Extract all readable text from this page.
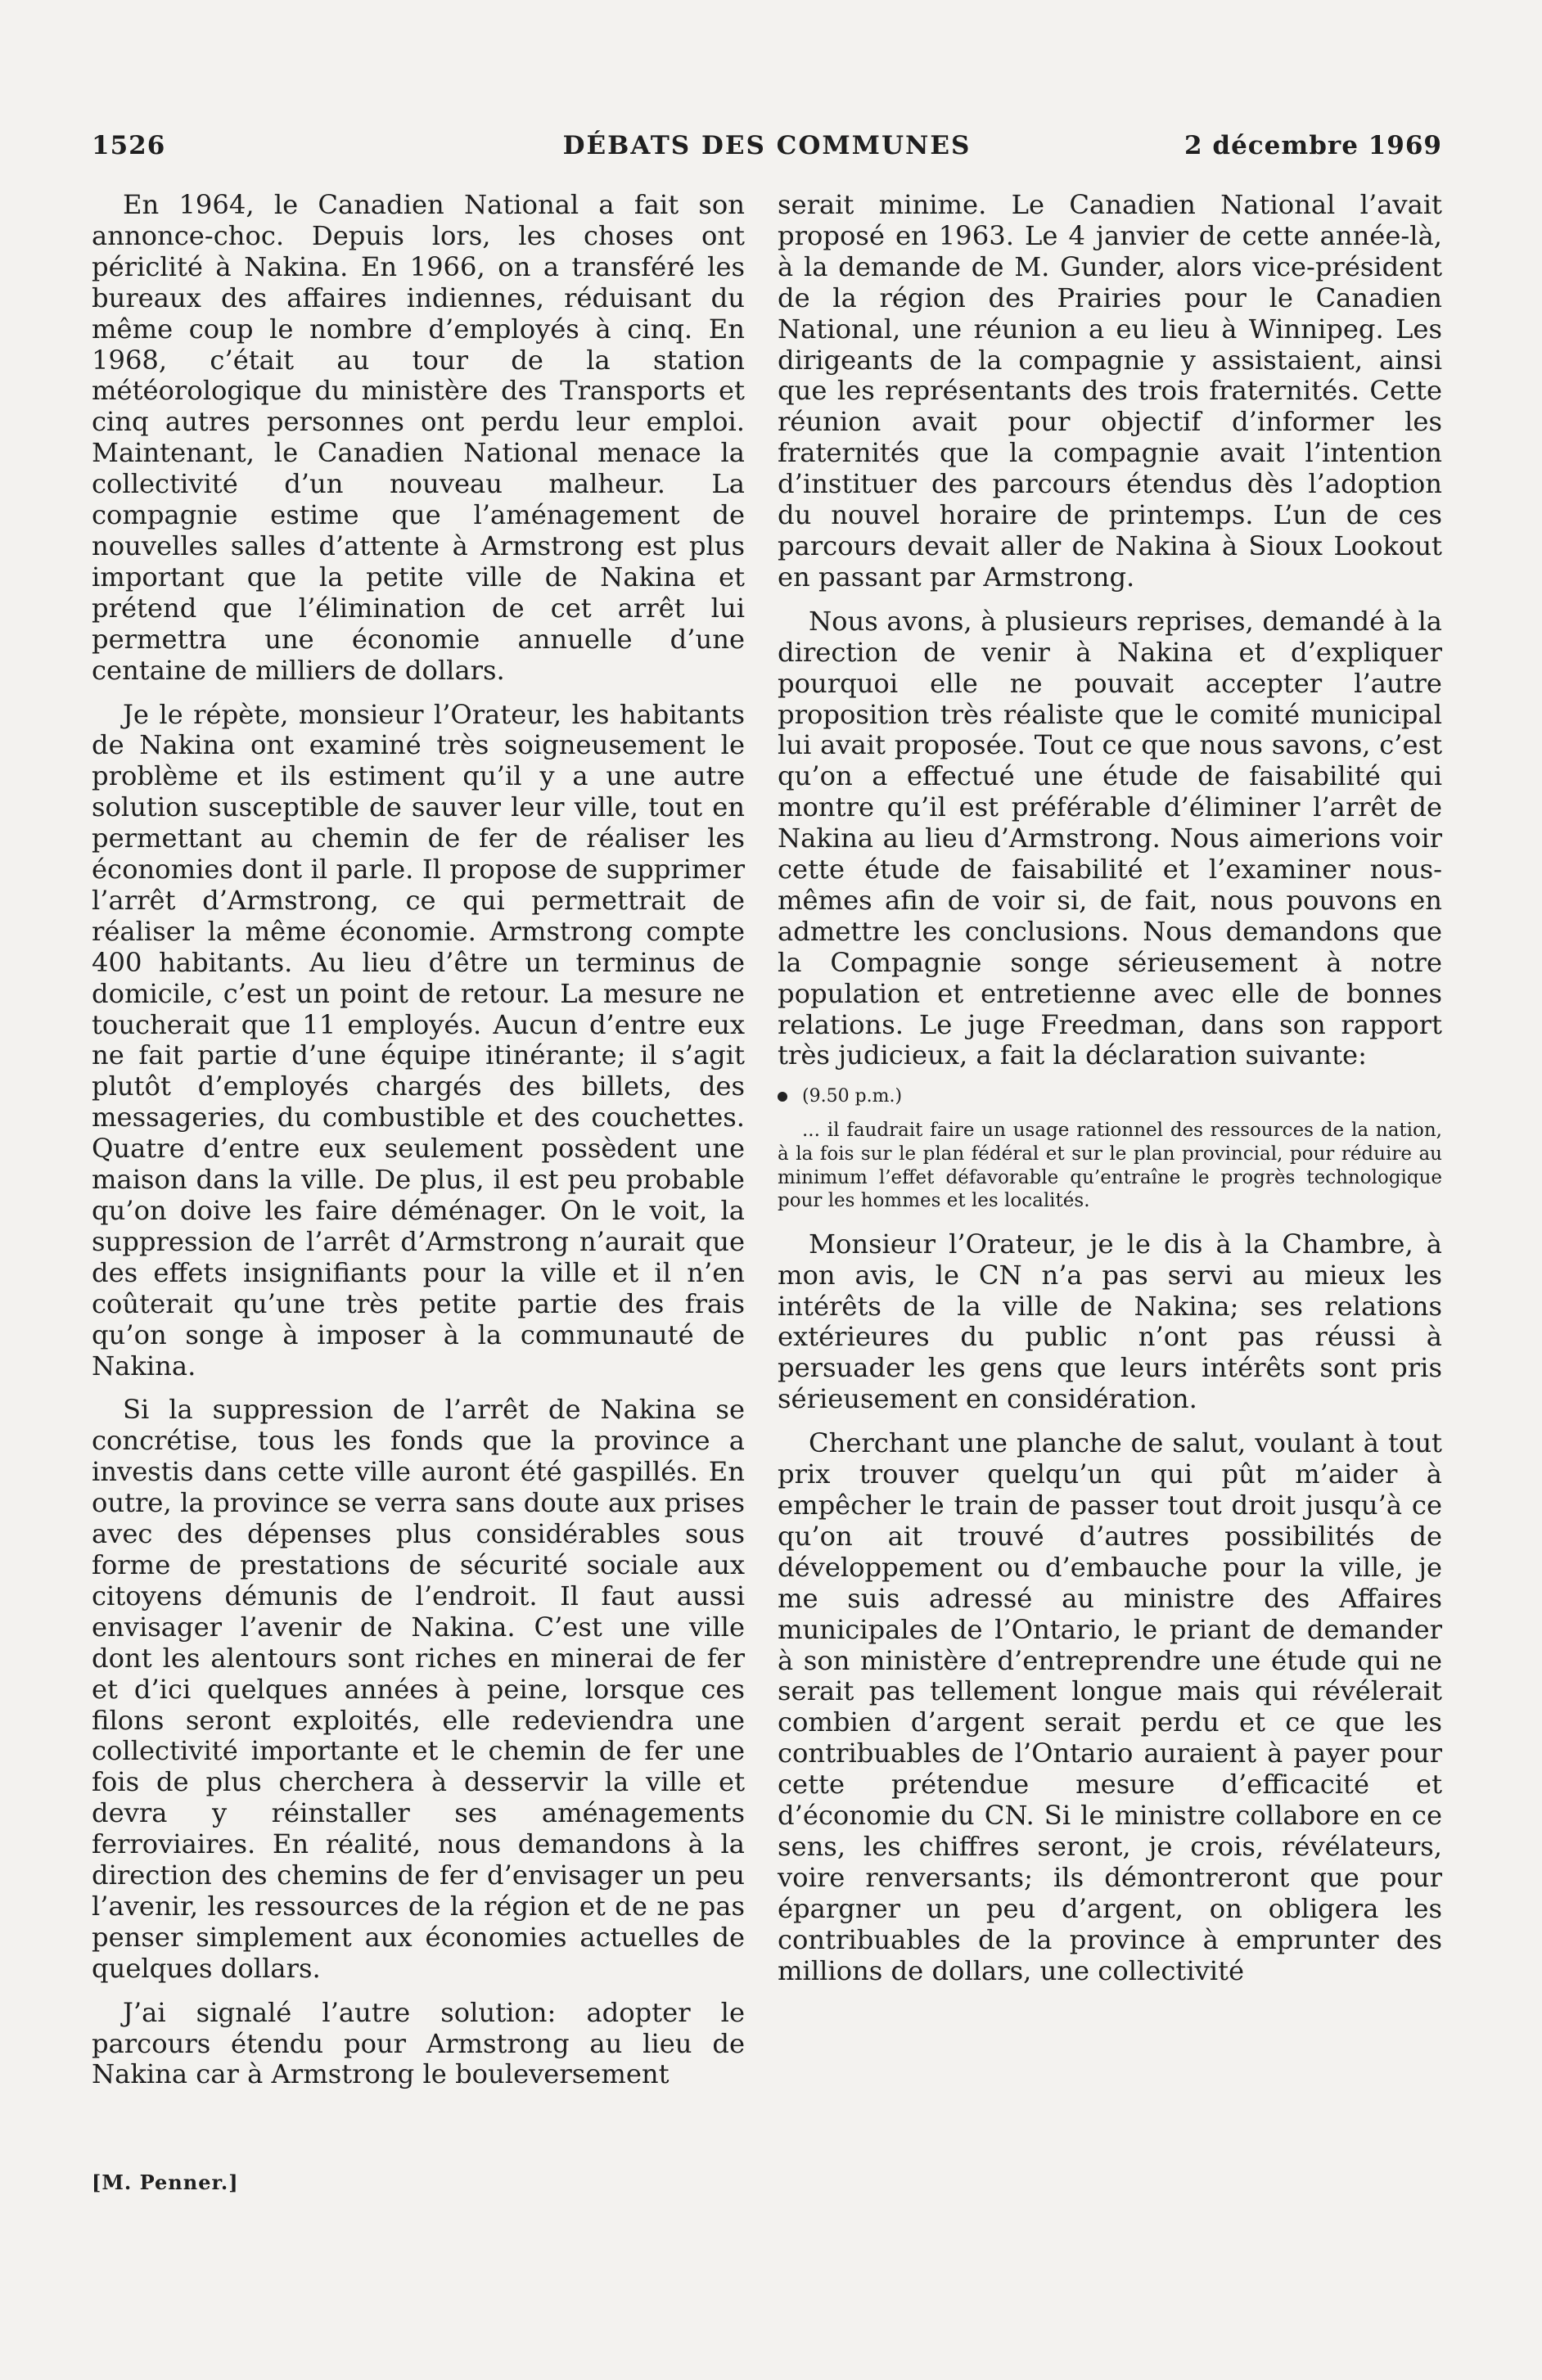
1526	DÉBATS DES COMMUNES	2 décembre 1969

En 1964, le Canadien National a fait son annonce-choc. Depuis lors, les choses ont périclité à Nakina. En 1966, on a transféré les bureaux des affaires indiennes, réduisant du même coup le nombre d’employés à cinq. En 1968, c’était au tour de la station météorologique du ministère des Transports et cinq autres personnes ont perdu leur emploi. Maintenant, le Canadien National menace la collectivité d’un nouveau malheur. La compagnie estime que l’aménagement de nouvelles salles d’attente à Armstrong est plus important que la petite ville de Nakina et prétend que l’élimination de cet arrêt lui permettra une économie annuelle d’une centaine de milliers de dollars.

Je le répète, monsieur l’Orateur, les habitants de Nakina ont examiné très soigneusement le problème et ils estiment qu’il y a une autre solution susceptible de sauver leur ville, tout en permettant au chemin de fer de réaliser les économies dont il parle. Il propose de supprimer l’arrêt d’Armstrong, ce qui permettrait de réaliser la même économie. Armstrong compte 400 habitants. Au lieu d’être un terminus de domicile, c’est un point de retour. La mesure ne toucherait que 11 employés. Aucun d’entre eux ne fait partie d’une équipe itinérante; il s’agit plutôt d’employés chargés des billets, des messageries, du combustible et des couchettes. Quatre d’entre eux seulement possèdent une maison dans la ville. De plus, il est peu probable qu’on doive les faire déménager. On le voit, la suppression de l’arrêt d’Armstrong n’aurait que des effets insignifiants pour la ville et il n’en coûterait qu’une très petite partie des frais qu’on songe à imposer à la communauté de Nakina.

Si la suppression de l’arrêt de Nakina se concrétise, tous les fonds que la province a investis dans cette ville auront été gaspillés. En outre, la province se verra sans doute aux prises avec des dépenses plus considérables sous forme de prestations de sécurité sociale aux citoyens démunis de l’endroit. Il faut aussi envisager l’avenir de Nakina. C’est une ville dont les alentours sont riches en minerai de fer et d’ici quelques années à peine, lorsque ces filons seront exploités, elle redeviendra une collectivité importante et le chemin de fer une fois de plus cherchera à desservir la ville et devra y réinstaller ses aménagements ferroviaires. En réalité, nous demandons à la direction des chemins de fer d’envisager un peu l’avenir, les ressources de la région et de ne pas penser simplement aux économies actuelles de quelques dollars.

J’ai signalé l’autre solution: adopter le parcours étendu pour Armstrong au lieu de Nakina car à Armstrong le bouleversement

serait minime. Le Canadien National l’avait proposé en 1963. Le 4 janvier de cette année-là, à la demande de M. Gunder, alors vice-président de la région des Prairies pour le Canadien National, une réunion a eu lieu à Winnipeg. Les dirigeants de la compagnie y assistaient, ainsi que les représentants des trois fraternités. Cette réunion avait pour objectif d’informer les fraternités que la compagnie avait l’intention d’instituer des parcours étendus dès l’adoption du nouvel horaire de printemps. L’un de ces parcours devait aller de Nakina à Sioux Lookout en passant par Armstrong.

Nous avons, à plusieurs reprises, demandé à la direction de venir à Nakina et d’expliquer pourquoi elle ne pouvait accepter l’autre proposition très réaliste que le comité municipal lui avait proposée. Tout ce que nous savons, c’est qu’on a effectué une étude de faisabilité qui montre qu’il est préférable d’éliminer l’arrêt de Nakina au lieu d’Armstrong. Nous aimerions voir cette étude de faisabilité et l’examiner nous-mêmes afin de voir si, de fait, nous pouvons en admettre les conclusions. Nous demandons que la Compagnie songe sérieusement à notre population et entretienne avec elle de bonnes relations. Le juge Freedman, dans son rapport très judicieux, a fait la déclaration suivante:

(9.50 p.m.)

... il faudrait faire un usage rationnel des ressources de la nation, à la fois sur le plan fédéral et sur le plan provincial, pour réduire au minimum l’effet défavorable qu’entraîne le progrès technologique pour les hommes et les localités.

Monsieur l’Orateur, je le dis à la Chambre, à mon avis, le CN n’a pas servi au mieux les intérêts de la ville de Nakina; ses relations extérieures du public n’ont pas réussi à persuader les gens que leurs intérêts sont pris sérieusement en considération.

Cherchant une planche de salut, voulant à tout prix trouver quelqu’un qui pût m’aider à empêcher le train de passer tout droit jusqu’à ce qu’on ait trouvé d’autres possibilités de développement ou d’embauche pour la ville, je me suis adressé au ministre des Affaires municipales de l’Ontario, le priant de demander à son ministère d’entreprendre une étude qui ne serait pas tellement longue mais qui révélerait combien d’argent serait perdu et ce que les contribuables de l’Ontario auraient à payer pour cette prétendue mesure d’efficacité et d’économie du CN. Si le ministre collabore en ce sens, les chiffres seront, je crois, révélateurs, voire renversants; ils démontreront que pour épargner un peu d’argent, on obligera les contribuables de la province à emprunter des millions de dollars, une collectivité

[M. Penner.]
